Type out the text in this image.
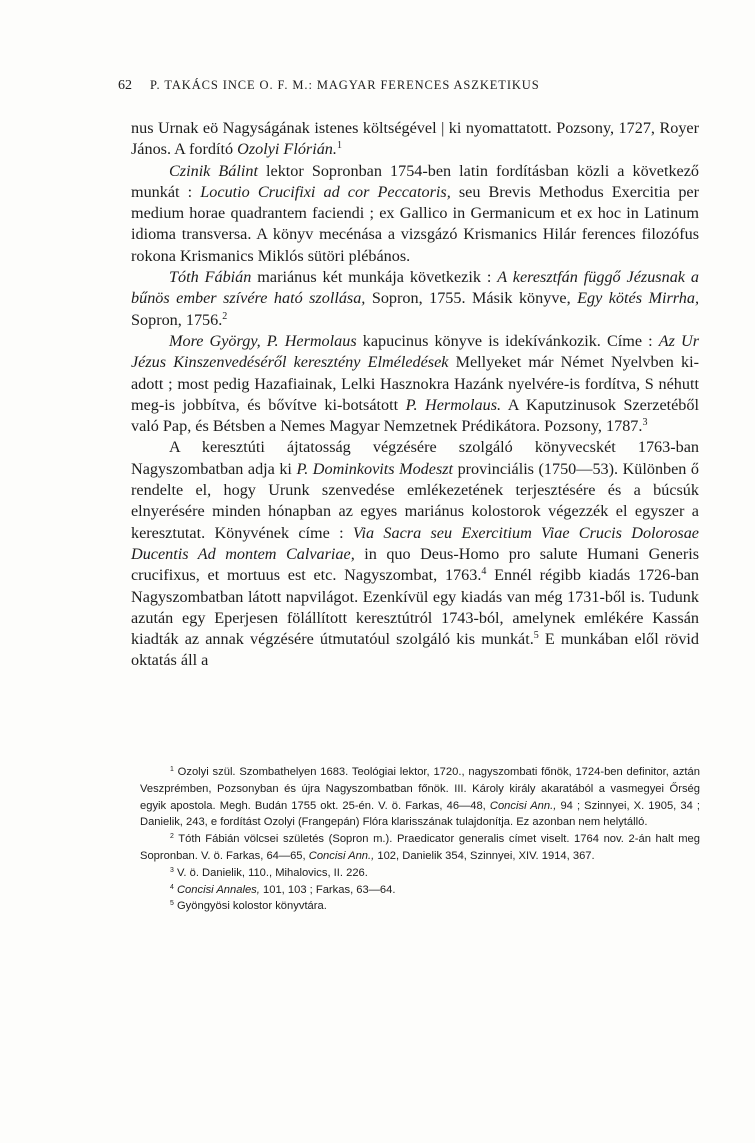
62 P. TAKÁCS INCE O. F. M.: MAGYAR FERENCES ASZKETIKUS

nus Urnak eö Nagyságának istenes költségével | ki nyomattatott. Pozsony, 1727, Royer János. A fordító Ozolyi Flórián.$^1$

Czinik Bálint lektor Sopronban 1754-ben latin fordításban közli a következő munkát : Locutio Crucifixi ad cor Peccatoris, seu Brevis Methodus Exercitia per medium horae quadrantem faciendi ; ex Gallico in Germanicum et ex hoc in Latinum idioma transversa. A könyv mecénása a vizsgázó Krismanics Hilár ferences filozófus rokona Krismanics Miklós sütöri plébános.

Tóth Fábián mariánus két munkája következik : A keresztfán függő Jézusnak a bűnös ember szívére ható szollása, Sopron, 1755. Másik könyve, Egy kötés Mirrha, Sopron, 1756.$^2$

More György, P. Hermolaus kapucinus könyve is idekívánkozik. Címe : Az Ur Jézus Kinszenvedéséről keresztény Elméledések Mellyeket már Német Nyelvben ki-adott ; most pedig Hazafiainak, Lelki Hasznokra Hazánk nyelvére-is fordítva, S néhutt meg-is jobbítva, és bővítve ki-botsátott P. Hermolaus. A Kaputzinusok Szerzetéből való Pap, és Bétsben a Nemes Magyar Nemzetnek Prédikátora. Pozsony, 1787.$^3$

A keresztúti ájtatosság végzésére szolgáló könyvecskét 1763-ban Nagyszombatban adja ki P. Dominkovits Modeszt provinciális (1750—53). Különben ő rendelte el, hogy Urunk szenvedése emlékezetének terjesztésére és a búcsúk elnyerésére minden hónapban az egyes mariánus kolostorok végezzék el egyszer a keresztutat. Könyvének címe : Via Sacra seu Exercitium Viae Crucis Dolorosae Ducentis Ad montem Calvariae, in quo Deus-Homo pro salute Humani Generis crucifixus, et mortuus est etc. Nagyszombat, 1763.$^4$ Ennél régibb kiadás 1726-ban Nagyszombatban látott napvilágot. Ezenkívül egy kiadás van még 1731-ből is. Tudunk azután egy Eperjesen fölállított keresztútról 1743-ból, amelynek emlékére Kassán kiadták az annak végzésére útmutatóul szolgáló kis munkát.$^5$ E munkában elől rövid oktatás áll a

$^1$ Ozolyi szül. Szombathelyen 1683. Teológiai lektor, 1720., nagyszombati főnök, 1724-ben definitor, aztán Veszprémben, Pozsonyban és újra Nagyszombatban főnök. III. Károly király akaratából a vasmegyei Őrség egyik apostola. Megh. Budán 1755 okt. 25-én. V. ö. Farkas, 46—48, Concisi Ann., 94 ; Szinnyei, X. 1905, 34 ; Danielik, 243, e fordítást Ozolyi (Frangepán) Flóra klarisszának tulajdonítja. Ez azonban nem helytálló.

$^2$ Tóth Fábián völcsei születés (Sopron m.). Praedicator generalis címet viselt. 1764 nov. 2-án halt meg Sopronban. V. ö. Farkas, 64—65, Concisi Ann., 102, Danielik 354, Szinnyei, XIV. 1914, 367.

$^3$ V. ö. Danielik, 110., Mihalovics, II. 226.

$^4$ Concisi Annales, 101, 103 ; Farkas, 63—64.

$^5$ Gyöngyösi kolostor könyvtára.
